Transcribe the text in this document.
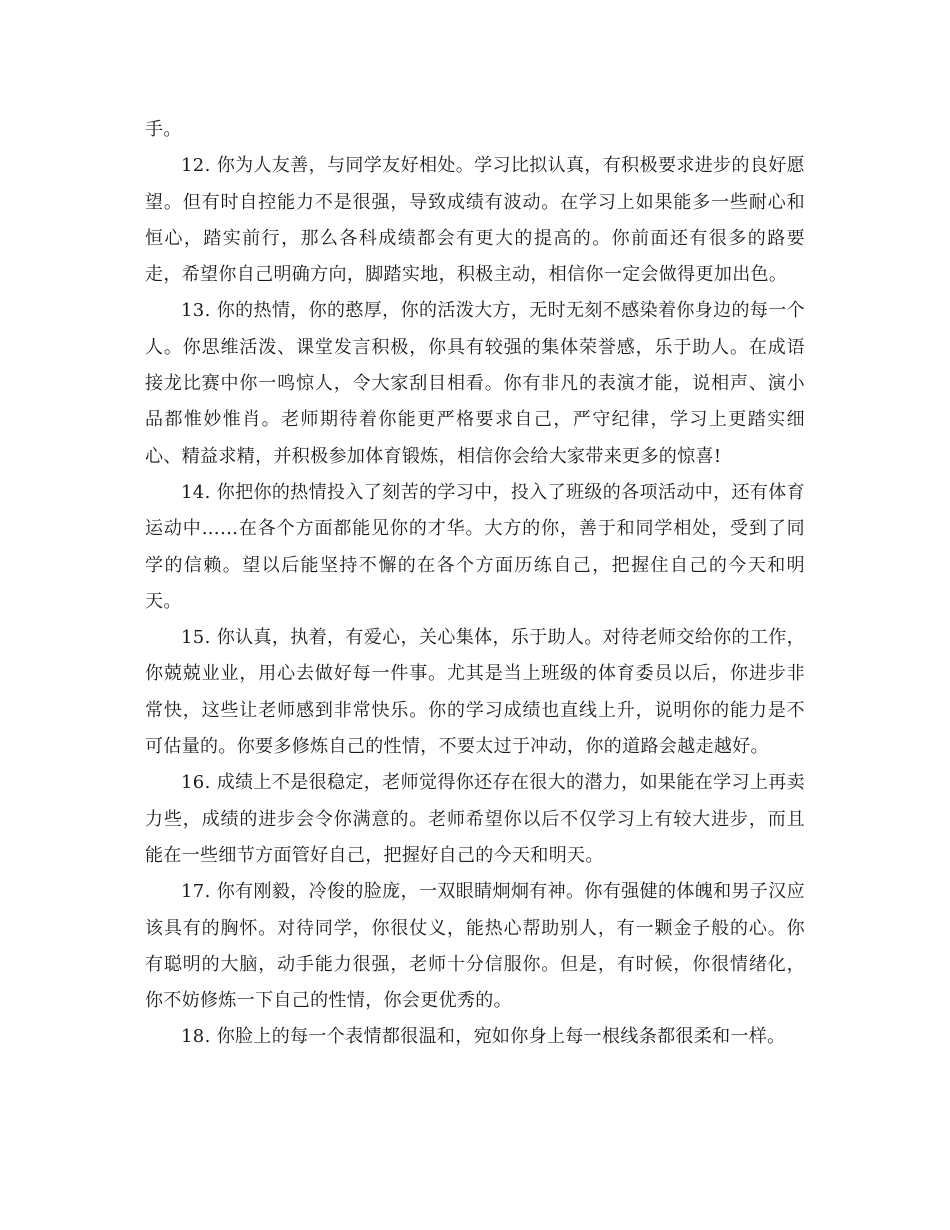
手。

12. 你为人友善，与同学友好相处。学习比拟认真，有积极要求进步的良好愿望。但有时自控能力不是很强，导致成绩有波动。在学习上如果能多一些耐心和恒心，踏实前行，那么各科成绩都会有更大的提高的。你前面还有很多的路要走，希望你自己明确方向，脚踏实地，积极主动，相信你一定会做得更加出色。

13. 你的热情，你的憨厚，你的活泼大方，无时无刻不感染着你身边的每一个人。你思维活泼、课堂发言积极，你具有较强的集体荣誉感，乐于助人。在成语接龙比赛中你一鸣惊人，令大家刮目相看。你有非凡的表演才能，说相声、演小品都惟妙惟肖。老师期待着你能更严格要求自己，严守纪律，学习上更踏实细心、精益求精，并积极参加体育锻炼，相信你会给大家带来更多的惊喜!

14. 你把你的热情投入了刻苦的学习中，投入了班级的各项活动中，还有体育运动中……在各个方面都能见你的才华。大方的你，善于和同学相处，受到了同学的信赖。望以后能坚持不懈的在各个方面历练自己，把握住自己的今天和明天。

15. 你认真，执着，有爱心，关心集体，乐于助人。对待老师交给你的工作，你兢兢业业，用心去做好每一件事。尤其是当上班级的体育委员以后，你进步非常快，这些让老师感到非常快乐。你的学习成绩也直线上升，说明你的能力是不可估量的。你要多修炼自己的性情，不要太过于冲动，你的道路会越走越好。

16. 成绩上不是很稳定，老师觉得你还存在很大的潜力，如果能在学习上再卖力些，成绩的进步会令你满意的。老师希望你以后不仅学习上有较大进步，而且能在一些细节方面管好自己，把握好自己的今天和明天。

17. 你有刚毅，冷俊的脸庞，一双眼睛炯炯有神。你有强健的体魄和男子汉应该具有的胸怀。对待同学，你很仗义，能热心帮助别人，有一颗金子般的心。你有聪明的大脑，动手能力很强，老师十分信服你。但是，有时候，你很情绪化，你不妨修炼一下自己的性情，你会更优秀的。

18. 你脸上的每一个表情都很温和，宛如你身上每一根线条都很柔和一样。
